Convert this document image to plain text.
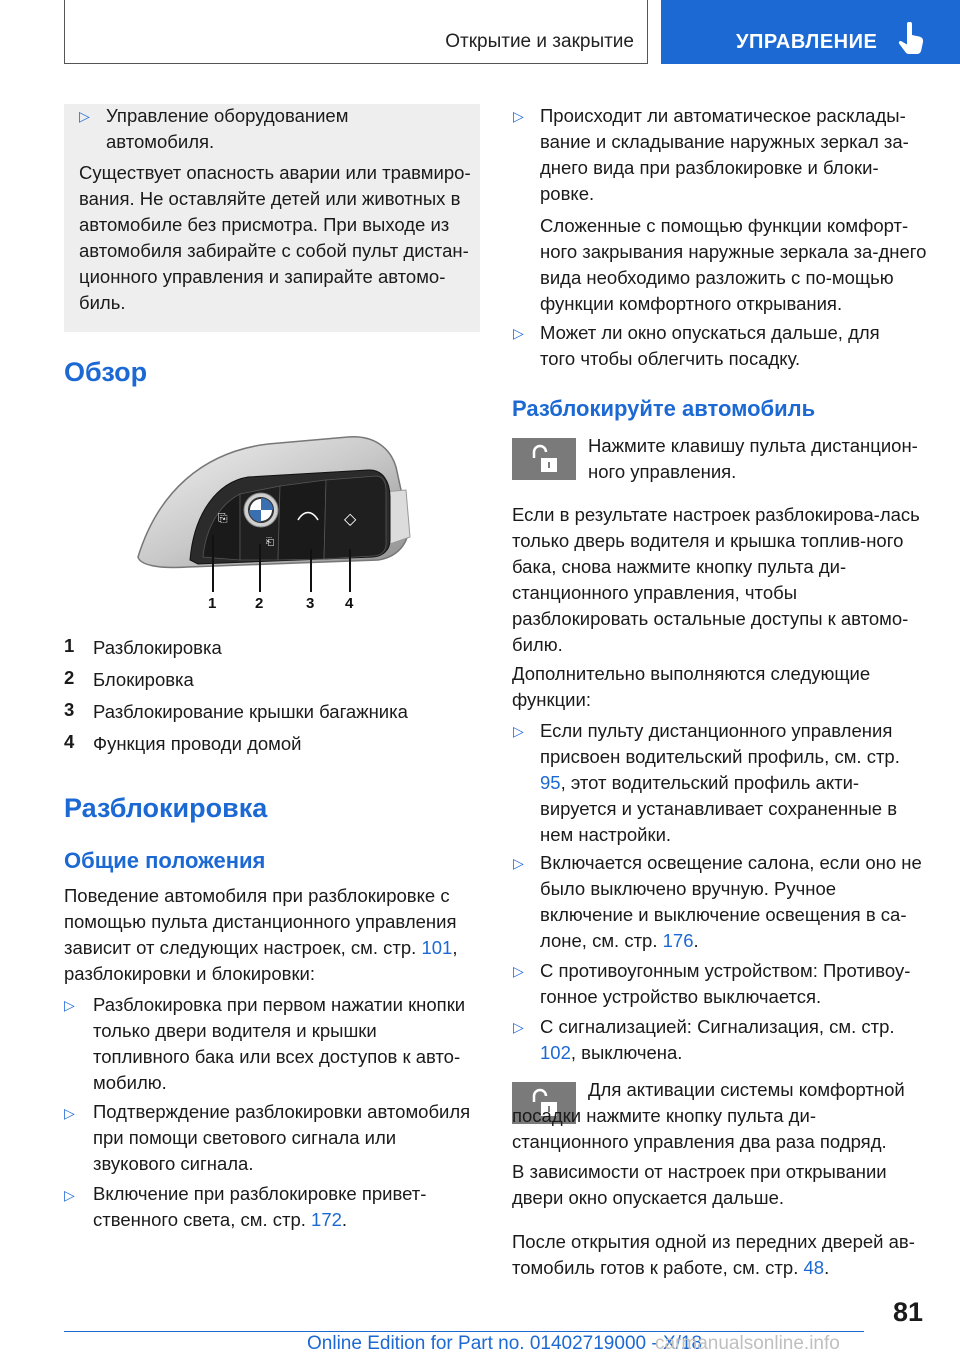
Открытие и закрытие	УПРАВЛЕНИЕ
▷ Управление оборудованием автомобиля.

Существует опасность аварии или травмиро-вания. Не оставляйте детей или животных в автомобиле без присмотра. При выходе из автомобиля забирайте с собой пульт дистан-ционного управления и запирайте автомо-биль.

Обзор
⎘
⎗
◇
1	2	3 4
1 Разблокировка
2 Блокировка
3 Разблокирование крышки багажника
4 Функция проводи домой
Разблокировка
Общие положения

Поведение автомобиля при разблокировке с помощью пульта дистанционного управления зависит от следующих настроек, см. стр. 101, разблокировки и блокировки:

▷ Разблокировка при первом нажатии кнопки только двери водителя и крышки топливного бака или всех доступов к авто-мобилю.

▷ Подтверждение разблокировки автомобиля при помощи светового сигнала или звукового сигнала.

▷ Включение при разблокировке привет-ственного света, см. стр. 172.

▷ Происходит ли автоматическое расклады-вание и складывание наружных зеркал за-днего вида при разблокировке и блоки-ровке.

Сложенные с помощью функции комфорт-ного закрывания наружные зеркала за-днего вида необходимо разложить с по-мощью функции комфортного открывания.

▷ Может ли окно опускаться дальше, для того чтобы облегчить посадку.

Разблокируйте автомобиль

Нажмите клавишу пульта дистанцион-ного управления.

Если в результате настроек разблокирова-лась только дверь водителя и крышка топлив-ного бака, снова нажмите кнопку пульта ди-станционного управления, чтобы разблокировать остальные доступы к автомо-билю.

Дополнительно выполняются следующие функции:

▷ Если пульту дистанционного управления присвоен водительский профиль, см. стр. 95, этот водительский профиль акти-вируется и устанавливает сохраненные в нем настройки.

▷ Включается освещение салона, если оно не было выключено вручную. Ручное включение и выключение освещения в са-лоне, см. стр. 176.

▷ С противоугонным устройством: Противоу-гонное устройство выключается.

▷ С сигнализацией: Сигнализация, см. стр. 102, выключена.

Для активации системы комфортной посадки нажмите кнопку пульта ди-станционного управления два раза подряд.

В зависимости от настроек при открывании двери окно опускается дальше.

После открытия одной из передних дверей ав-томобиль готов к работе, см. стр. 48.

81
Online Edition for Part no. 01402719000 - X/18
carmanualsonline.info
